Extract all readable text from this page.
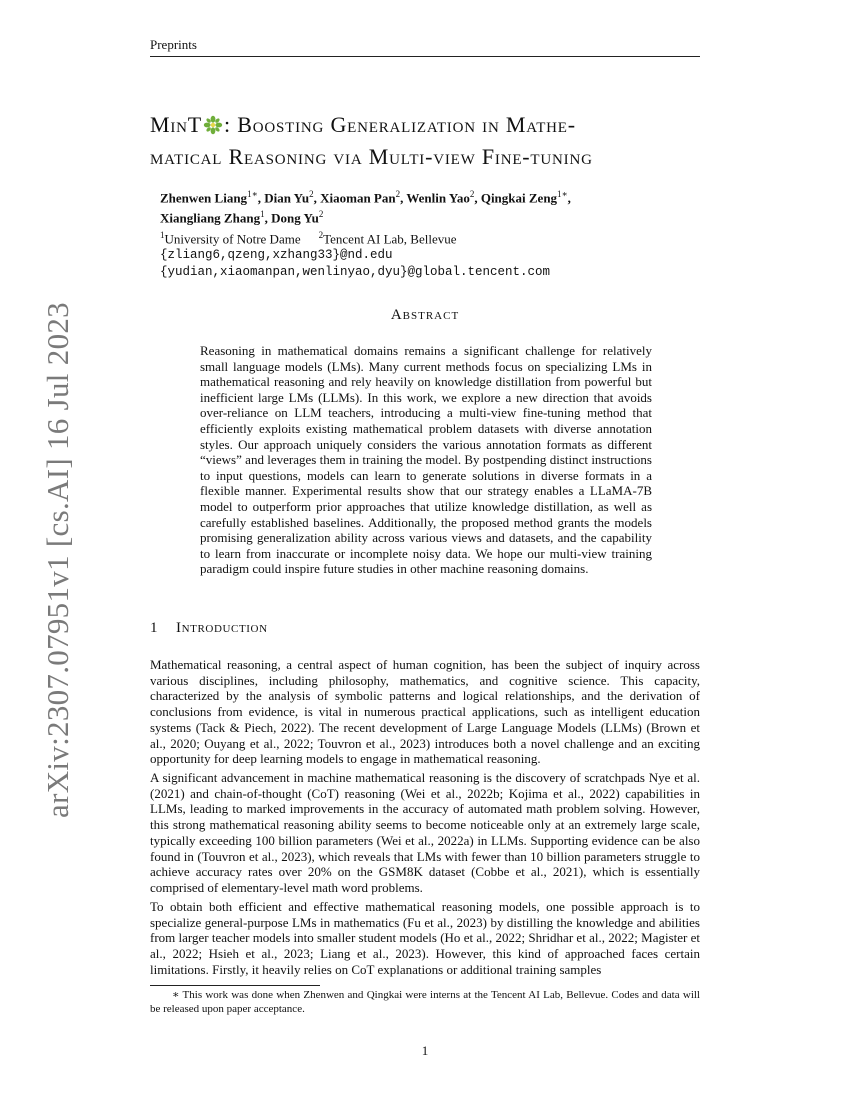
Preprints
arXiv:2307.07951v1 [cs.AI] 16 Jul 2023
MinT : Boosting Generalization in Mathe-
matical Reasoning via Multi-view Fine-tuning
Zhenwen Liang$^{1∗}$, Dian Yu$^2$, Xiaoman Pan$^2$, Wenlin Yao$^2$, Qingkai Zeng$^{1∗}$,
Xiangliang Zhang$^1$, Dong Yu$^2$
$^1$University of Notre Dame $^2$Tencent AI Lab, Bellevue
{zliang6,qzeng,xzhang33}@nd.edu
{yudian,xiaomanpan,wenlinyao,dyu}@global.tencent.com
Abstract
Reasoning in mathematical domains remains a significant challenge for relatively small language models (LMs). Many current methods focus on specializing LMs in mathematical reasoning and rely heavily on knowledge distillation from powerful but inefficient large LMs (LLMs). In this work, we explore a new direction that avoids over-reliance on LLM teachers, introducing a multi-view fine-tuning method that efficiently exploits existing mathematical problem datasets with diverse annotation styles. Our approach uniquely considers the various annotation formats as different “views” and leverages them in training the model. By postpending distinct instructions to input questions, models can learn to generate solutions in diverse formats in a flexible manner. Experimental results show that our strategy enables a LLaMA-7B model to outperform prior approaches that utilize knowledge distillation, as well as carefully established baselines. Additionally, the proposed method grants the models promising generalization ability across various views and datasets, and the capability to learn from inaccurate or incomplete noisy data. We hope our multi-view training paradigm could inspire future studies in other machine reasoning domains.
1 Introduction

Mathematical reasoning, a central aspect of human cognition, has been the subject of inquiry across various disciplines, including philosophy, mathematics, and cognitive science. This capacity, characterized by the analysis of symbolic patterns and logical relationships, and the derivation of conclusions from evidence, is vital in numerous practical applications, such as intelligent education systems (Tack & Piech, 2022). The recent development of Large Language Models (LLMs) (Brown et al., 2020; Ouyang et al., 2022; Touvron et al., 2023) introduces both a novel challenge and an exciting opportunity for deep learning models to engage in mathematical reasoning.

A significant advancement in machine mathematical reasoning is the discovery of scratchpads Nye et al. (2021) and chain-of-thought (CoT) reasoning (Wei et al., 2022b; Kojima et al., 2022) capabilities in LLMs, leading to marked improvements in the accuracy of automated math problem solving. However, this strong mathematical reasoning ability seems to become noticeable only at an extremely large scale, typically exceeding 100 billion parameters (Wei et al., 2022a) in LLMs. Supporting evidence can be also found in (Touvron et al., 2023), which reveals that LMs with fewer than 10 billion parameters struggle to achieve accuracy rates over 20% on the GSM8K dataset (Cobbe et al., 2021), which is essentially comprised of elementary-level math word problems.

To obtain both efficient and effective mathematical reasoning models, one possible approach is to specialize general-purpose LMs in mathematics (Fu et al., 2023) by distilling the knowledge and abilities from larger teacher models into smaller student models (Ho et al., 2022; Shridhar et al., 2022; Magister et al., 2022; Hsieh et al., 2023; Liang et al., 2023). However, this kind of approached faces certain limitations. Firstly, it heavily relies on CoT explanations or additional training samples

∗ This work was done when Zhenwen and Qingkai were interns at the Tencent AI Lab, Bellevue. Codes and data will be released upon paper acceptance.
1
